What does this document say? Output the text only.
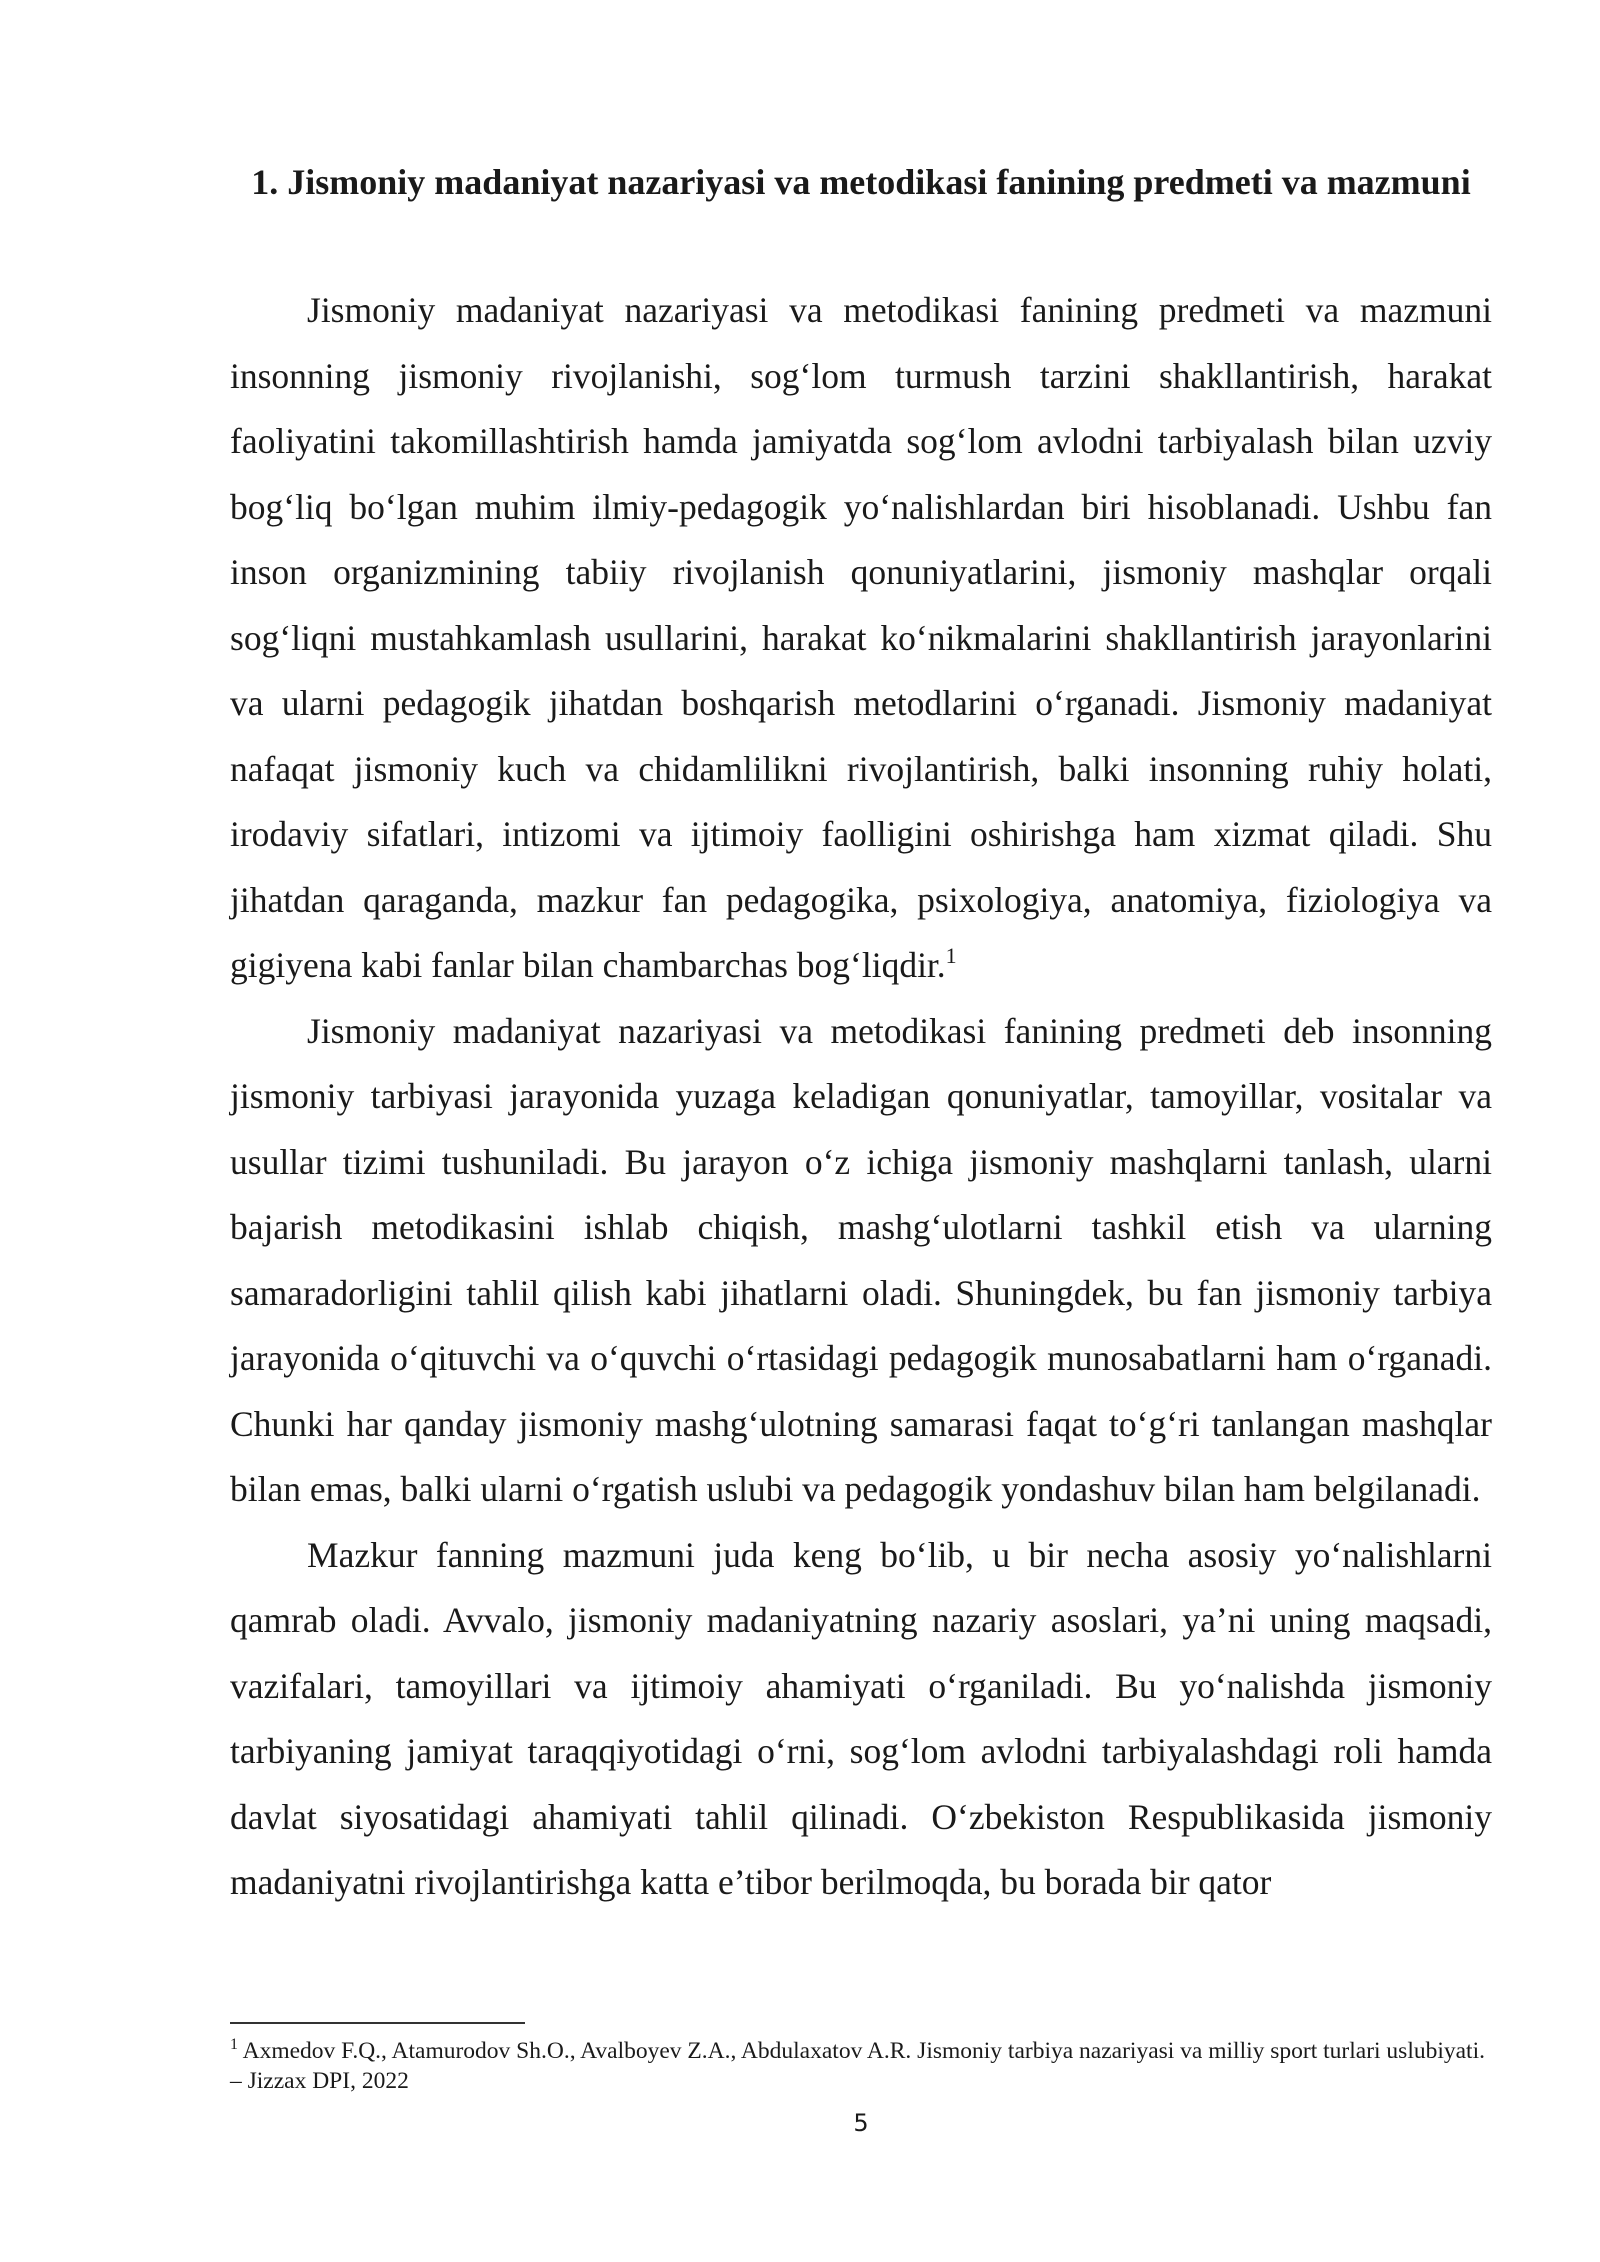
1. Jismoniy madaniyat nazariyasi va metodikasi fanining predmeti va mazmuni

Jismoniy madaniyat nazariyasi va metodikasi fanining predmeti va mazmuni insonning jismoniy rivojlanishi, sog‘lom turmush tarzini shakllantirish, harakat faoliyatini takomillashtirish hamda jamiyatda sog‘lom avlodni tarbiyalash bilan uzviy bog‘liq bo‘lgan muhim ilmiy-pedagogik yo‘nalishlardan biri hisoblanadi. Ushbu fan inson organizmining tabiiy rivojlanish qonuniyatlarini, jismoniy mashqlar orqali sog‘liqni mustahkamlash usullarini, harakat ko‘nikmalarini shakllantirish jarayonlarini va ularni pedagogik jihatdan boshqarish metodlarini o‘rganadi. Jismoniy madaniyat nafaqat jismoniy kuch va chidamlilikni rivojlantirish, balki insonning ruhiy holati, irodaviy sifatlari, intizomi va ijtimoiy faolligini oshirishga ham xizmat qiladi. Shu jihatdan qaraganda, mazkur fan pedagogika, psixologiya, anatomiya, fiziologiya va gigiyena kabi fanlar bilan chambarchas bog‘liqdir.$^1$

Jismoniy madaniyat nazariyasi va metodikasi fanining predmeti deb insonning jismoniy tarbiyasi jarayonida yuzaga keladigan qonuniyatlar, tamoyillar, vositalar va usullar tizimi tushuniladi. Bu jarayon o‘z ichiga jismoniy mashqlarni tanlash, ularni bajarish metodikasini ishlab chiqish, mashg‘ulotlarni tashkil etish va ularning samaradorligini tahlil qilish kabi jihatlarni oladi. Shuningdek, bu fan jismoniy tarbiya jarayonida o‘qituvchi va o‘quvchi o‘rtasidagi pedagogik munosabatlarni ham o‘rganadi. Chunki har qanday jismoniy mashg‘ulotning samarasi faqat to‘g‘ri tanlangan mashqlar bilan emas, balki ularni o‘rgatish uslubi va pedagogik yondashuv bilan ham belgilanadi.

Mazkur fanning mazmuni juda keng bo‘lib, u bir necha asosiy yo‘nalishlarni qamrab oladi. Avvalo, jismoniy madaniyatning nazariy asoslari, ya’ni uning maqsadi, vazifalari, tamoyillari va ijtimoiy ahamiyati o‘rganiladi. Bu yo‘nalishda jismoniy tarbiyaning jamiyat taraqqiyotidagi o‘rni, sog‘lom avlodni tarbiyalashdagi roli hamda davlat siyosatidagi ahamiyati tahlil qilinadi. O‘zbekiston Respublikasida jismoniy madaniyatni rivojlantirishga katta e’tibor berilmoqda, bu borada bir qator

$^1$ Axmedov F.Q., Atamurodov Sh.O., Avalboyev Z.A., Abdulaxatov A.R. Jismoniy tarbiya nazariyasi va milliy sport turlari uslubiyati. – Jizzax DPI, 2022

5
